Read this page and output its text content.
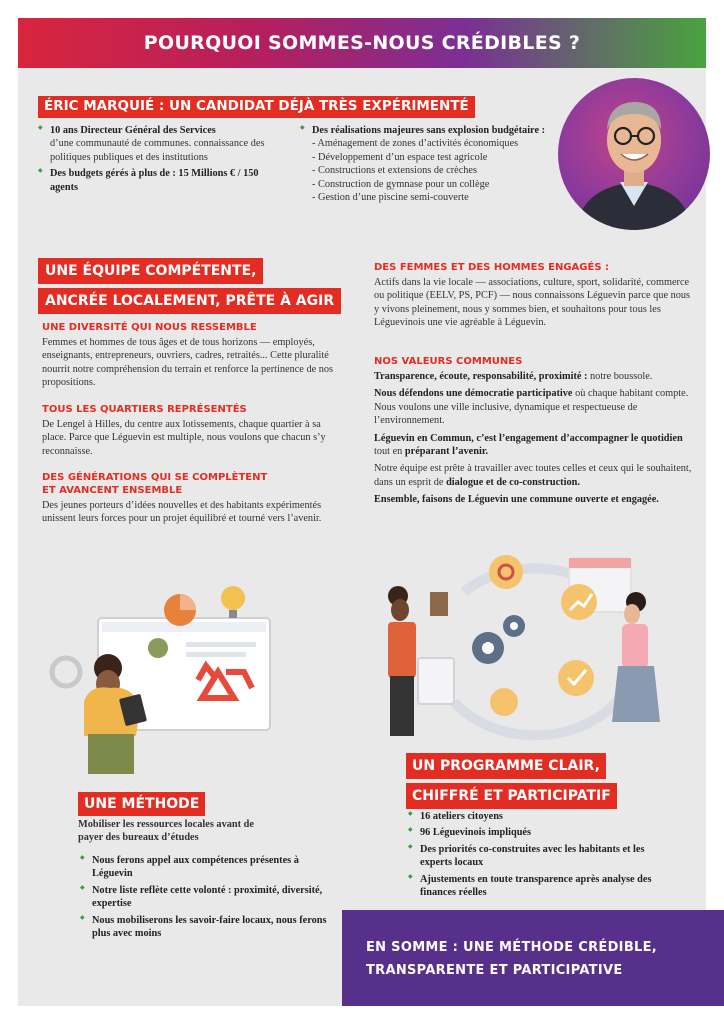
POURQUOI SOMMES-NOUS CRÉDIBLES ?
ÉRIC MARQUIÉ : UN CANDIDAT DÉJÀ TRÈS EXPÉRIMENTÉ
◆ 10 ans Directeur Général des Services
d’une communauté de communes. connaissance des politiques publiques et des institutions
◆ Des budgets gérés à plus de : 15 Millions € / 150 agents
◆ Des réalisations majeures sans explosion budgétaire :
- Aménagement de zones d’activités économiques
- Développement d’un espace test agricole
- Constructions et extensions de crèches
- Construction de gymnase pour un collège
- Gestion d’une piscine semi-couverte
UNE ÉQUIPE COMPÉTENTE,
ANCRÉE LOCALEMENT, PRÊTE À AGIR
UNE DIVERSITÉ QUI NOUS RESSEMBLE
Femmes et hommes de tous âges et de tous horizons — employés, enseignants, entrepreneurs, ouvriers, cadres, retraités... Cette pluralité nourrit notre compréhension du terrain et renforce la pertinence de nos propositions.
TOUS LES QUARTIERS REPRÉSENTÉS
De Lengel à Hilles, du centre aux lotissements, chaque quartier à sa place. Parce que Léguevin est multiple, nous voulons que chacun s’y reconnaisse.
DES GÉNÉRATIONS QUI SE COMPLÈTENT
ET AVANCENT ENSEMBLE
Des jeunes porteurs d’idées nouvelles et des habitants expérimentés unissent leurs forces pour un projet équilibré et tourné vers l’avenir.
DES FEMMES ET DES HOMMES ENGAGÉS :
Actifs dans la vie locale — associations, culture, sport, solidarité, commerce ou politique (EELV, PS, PCF) — nous connaissons Léguevin parce que nous y vivons pleinement, nous y sommes bien, et souhaitons pour tous les Léguevinois une vie agréable à Léguevin.
NOS VALEURS COMMUNES

Transparence, écoute, responsabilité, proximité : notre boussole.

Nous défendons une démocratie participative où chaque habitant compte. Nous voulons une ville inclusive, dynamique et respectueuse de l’environnement.

Léguevin en Commun, c’est l’engagement d’accompagner le quotidien tout en préparant l’avenir.

Notre équipe est prête à travailler avec toutes celles et ceux qui le souhaitent, dans un esprit de dialogue et de co-construction.

Ensemble, faisons de Léguevin une commune ouverte et engagée.

UNE MÉTHODE
Mobiliser les ressources locales avant de payer des bureaux d’études
◆ Nous ferons appel aux compétences présentes à Léguevin
◆ Notre liste reflète cette volonté : proximité, diversité, expertise
◆ Nous mobiliserons les savoir-faire locaux, nous ferons plus avec moins
UN PROGRAMME CLAIR,
CHIFFRÉ ET PARTICIPATIF
◆ 16 ateliers citoyens
◆ 96 Léguevinois impliqués
◆ Des priorités co-construites avec les habitants et les experts locaux
◆ Ajustements en toute transparence après analyse des finances réelles
EN SOMME : UNE MÉTHODE CRÉDIBLE,
TRANSPARENTE ET PARTICIPATIVE
